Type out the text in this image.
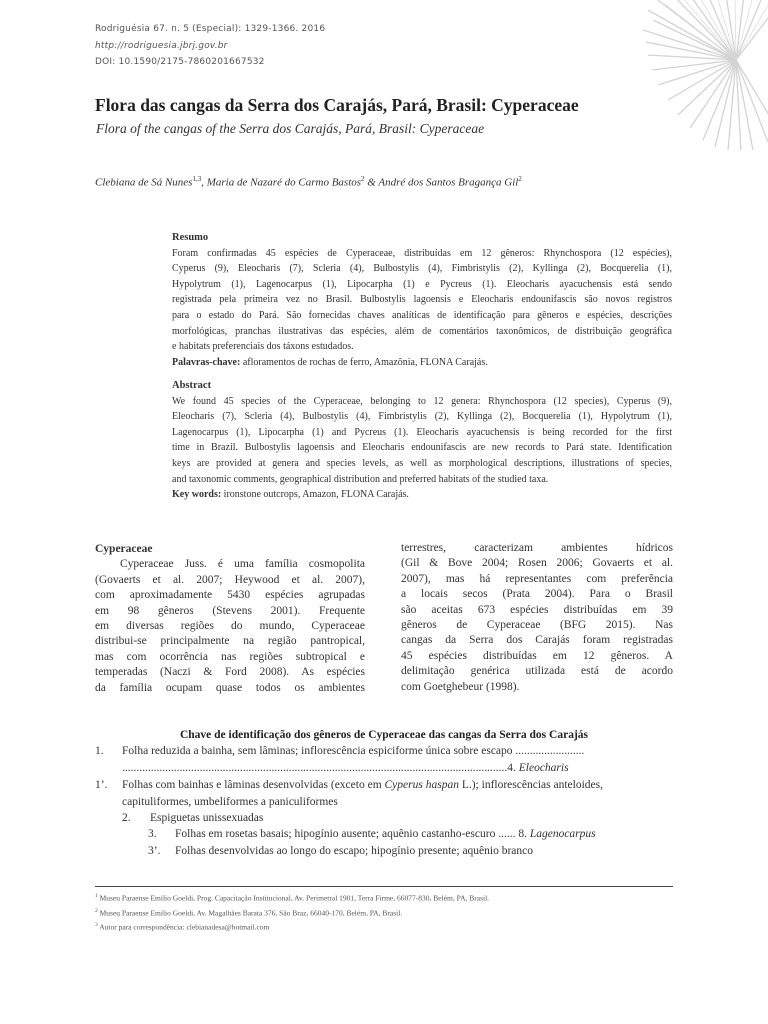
Rodriguésia 67. n. 5 (Especial): 1329-1366. 2016
http://rodriguesia.jbrj.gov.br
DOI: 10.1590/2175-7860201667532
Flora das cangas da Serra dos Carajás, Pará, Brasil: Cyperaceae
Flora of the cangas of the Serra dos Carajás, Pará, Brasil: Cyperaceae
Clebiana de Sá Nunes$^{1,3}$, Maria de Nazaré do Carmo Bastos$^2$ & André dos Santos Bragança Gil$^2$
Resumo
Foram confirmadas 45 espécies de Cyperaceae, distribuídas em 12 gêneros: Rhynchospora (12 espécies),
Cyperus (9), Eleocharis (7), Scleria (4), Bulbostylis (4), Fimbristylis (2), Kyllinga (2), Bocquerelia (1),
Hypolytrum (1), Lagenocarpus (1), Lipocarpha (1) e Pycreus (1). Eleocharis ayacuchensis está sendo
registrada pela primeira vez no Brasil. Bulbostylis lagoensis e Eleocharis endounifascis são novos registros
para o estado do Pará. São fornecidas chaves analíticas de identificação para gêneros e espécies, descrições
morfológicas, pranchas ilustrativas das espécies, além de comentários taxonômicos, de distribuição geográfica
e habitats preferenciais dos táxons estudados.
Palavras-chave: afloramentos de rochas de ferro, Amazônia, FLONA Carajás.
Abstract
We found 45 species of the Cyperaceae, belonging to 12 genera: Rhynchospora (12 species), Cyperus (9),
Eleocharis (7), Scleria (4), Bulbostylis (4), Fimbristylis (2), Kyllinga (2), Bocquerelia (1), Hypolytrum (1),
Lagenocarpus (1), Lipocarpha (1) and Pycreus (1). Eleocharis ayacuchensis is being recorded for the first
time in Brazil. Bulbostylis lagoensis and Eleocharis endounifascis are new records to Pará state. Identification
keys are provided at genera and species levels, as well as morphological descriptions, illustrations of species,
and taxonomic comments, geographical distribution and preferred habitats of the studied taxa.
Key words: ironstone outcrops, Amazon, FLONA Carajás.
Cyperaceae
Cyperaceae Juss. é uma família cosmopolita
(Govaerts et al. 2007; Heywood et al. 2007),
com aproximadamente 5430 espécies agrupadas
em 98 gêneros (Stevens 2001). Frequente
em diversas regiões do mundo, Cyperaceae
distribui-se principalmente na região pantropical,
mas com ocorrência nas regiões subtropical e
temperadas (Naczi & Ford 2008). As espécies
da família ocupam quase todos os ambientes
terrestres, caracterizam ambientes hídricos
(Gil & Bove 2004; Rosen 2006; Govaerts et al.
2007), mas há representantes com preferência
a locais secos (Prata 2004). Para o Brasil
são aceitas 673 espécies distribuídas em 39
gêneros de Cyperaceae (BFG 2015). Nas
cangas da Serra dos Carajás foram registradas
45 espécies distribuídas em 12 gêneros. A
delimitação genérica utilizada está de acordo
com Goetghebeur (1998).
Chave de identificação dos gêneros de Cyperaceae das cangas da Serra dos Carajás
1. Folha reduzida a bainha, sem lâminas; inflorescência espiciforme única sobre escapo ........................
......................................................................................................................................4. Eleocharis
1’. Folhas com bainhas e lâminas desenvolvidas (exceto em Cyperus haspan L.); inflorescências anteloides,
capituliformes, umbeliformes a paniculiformes
2. Espiguetas unissexuadas
3. Folhas em rosetas basais; hipogínio ausente; aquênio castanho-escuro ...... 8. Lagenocarpus
3’. Folhas desenvolvidas ao longo do escapo; hipogínio presente; aquênio branco
$^1$ Museu Paraense Emílio Goeldi, Prog. Capacitação Institucional, Av. Perimetral 1901, Terra Firme, 66077-830, Belém, PA, Brasil.
$^2$ Museu Paraense Emílio Goeldi, Av. Magalhães Barata 376, São Braz, 66040-170, Belém, PA, Brasil.
$^3$ Autor para correspondência: clebianadesa@hotmail.com
